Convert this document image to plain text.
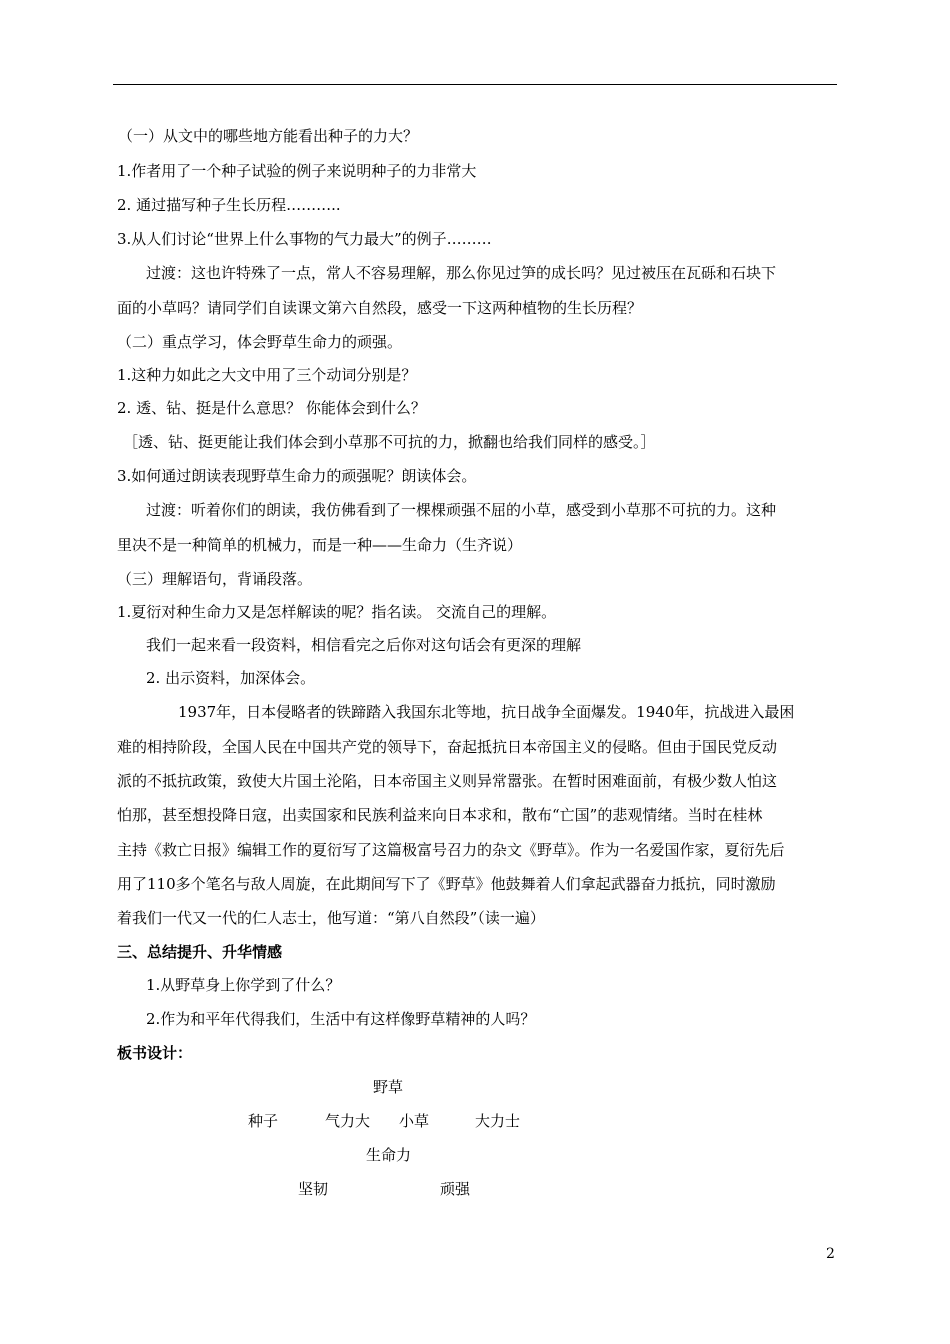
（一）从文中的哪些地方能看出种子的力大？
1.作者用了一个种子试验的例子来说明种子的力非常大
2. 通过描写种子生长历程………..
3.从人们讨论“世界上什么事物的气力最大”的例子………
过渡：这也许特殊了一点，常人不容易理解，那么你见过笋的成长吗？见过被压在瓦砾和石块下
面的小草吗？请同学们自读课文第六自然段，感受一下这两种植物的生长历程？
（二）重点学习，体会野草生命力的顽强。
1.这种力如此之大文中用了三个动词分别是？
2. 透、钻、挺是什么意思？ 你能体会到什么？
［透、钻、挺更能让我们体会到小草那不可抗的力，掀翻也给我们同样的感受。］
3.如何通过朗读表现野草生命力的顽强呢？朗读体会。
过渡：听着你们的朗读，我仿佛看到了一棵棵顽强不屈的小草，感受到小草那不可抗的力。这种
里决不是一种简单的机械力，而是一种——生命力（生齐说）
（三）理解语句，背诵段落。
1.夏衍对种生命力又是怎样解读的呢？指名读。 交流自己的理解。
我们一起来看一段资料，相信看完之后你对这句话会有更深的理解
2. 出示资料，加深体会。
1937年，日本侵略者的铁蹄踏入我国东北等地，抗日战争全面爆发。1940年，抗战进入最困
难的相持阶段，全国人民在中国共产党的领导下，奋起抵抗日本帝国主义的侵略。但由于国民党反动
派的不抵抗政策，致使大片国土沦陷，日本帝国主义则异常嚣张。在暂时困难面前，有极少数人怕这
怕那，甚至想投降日寇，出卖国家和民族利益来向日本求和，散布“亡国”的悲观情绪。当时在桂林
主持《救亡日报》编辑工作的夏衍写了这篇极富号召力的杂文《野草》。作为一名爱国作家，夏衍先后
用了110多个笔名与敌人周旋，在此期间写下了《野草》他鼓舞着人们拿起武器奋力抵抗，同时激励
着我们一代又一代的仁人志士，他写道：“第八自然段”（读一遍）
三、总结提升、升华情感
1.从野草身上你学到了什么？
2.作为和平年代得我们，生活中有这样像野草精神的人吗？
板书设计：
野草
种子	气力大 小草	大力士
生命力
坚韧	顽强
2
